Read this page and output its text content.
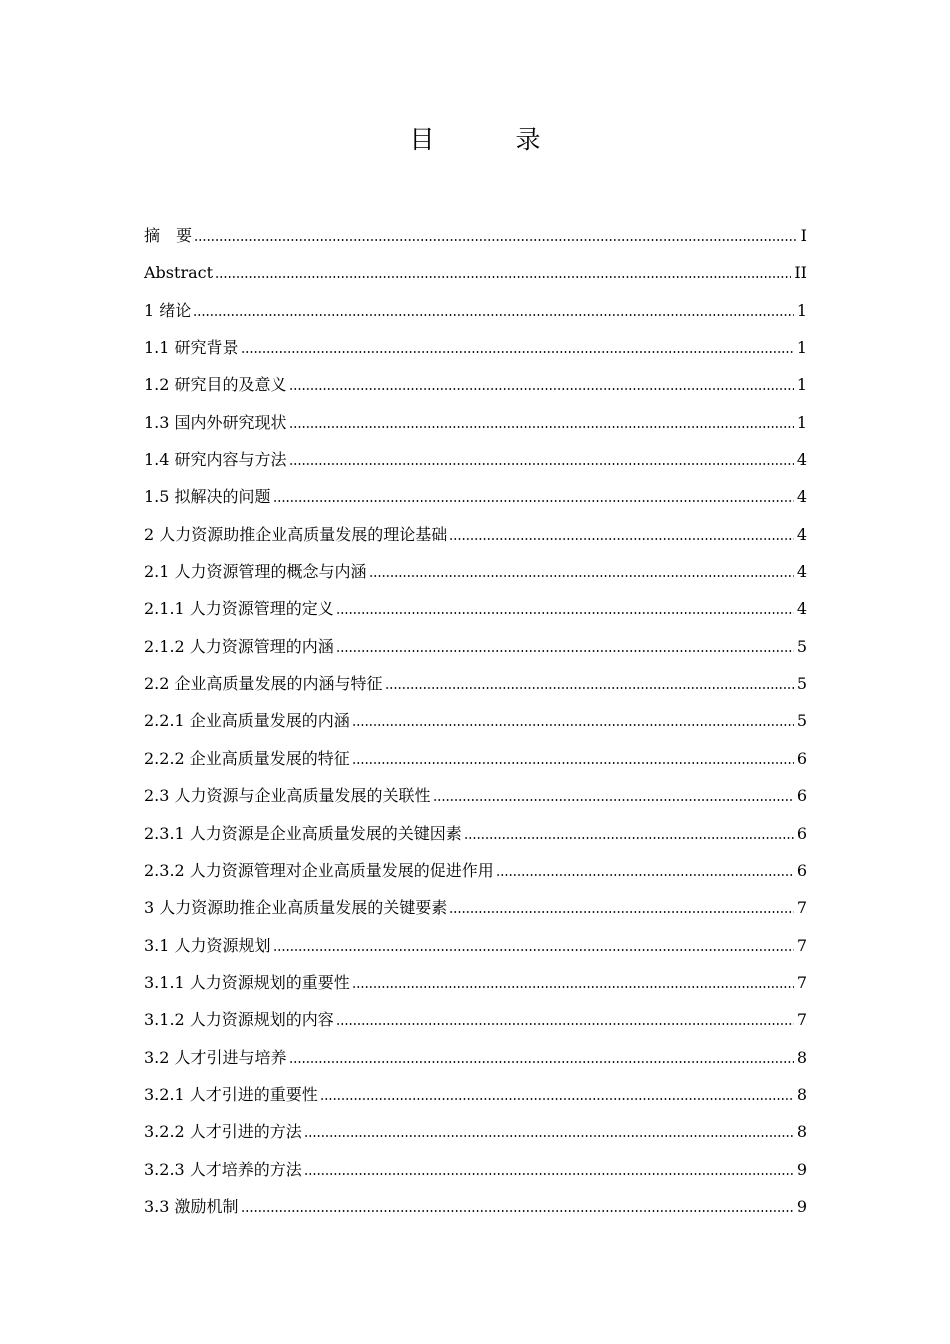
目　录
摘　要	I
Abstract	II
1 绪论	1
1.1 研究背景	1
1.2 研究目的及意义	1
1.3 国内外研究现状	1
1.4 研究内容与方法	4
1.5 拟解决的问题	4
2 人力资源助推企业高质量发展的理论基础	4
2.1 人力资源管理的概念与内涵	4
2.1.1 人力资源管理的定义	4
2.1.2 人力资源管理的内涵	5
2.2 企业高质量发展的内涵与特征	5
2.2.1 企业高质量发展的内涵	5
2.2.2 企业高质量发展的特征	6
2.3 人力资源与企业高质量发展的关联性	6
2.3.1 人力资源是企业高质量发展的关键因素	6
2.3.2 人力资源管理对企业高质量发展的促进作用	6
3 人力资源助推企业高质量发展的关键要素	7
3.1 人力资源规划	7
3.1.1 人力资源规划的重要性	7
3.1.2 人力资源规划的内容	7
3.2 人才引进与培养	8
3.2.1 人才引进的重要性	8
3.2.2 人才引进的方法	8
3.2.3 人才培养的方法	9
3.3 激励机制	9
